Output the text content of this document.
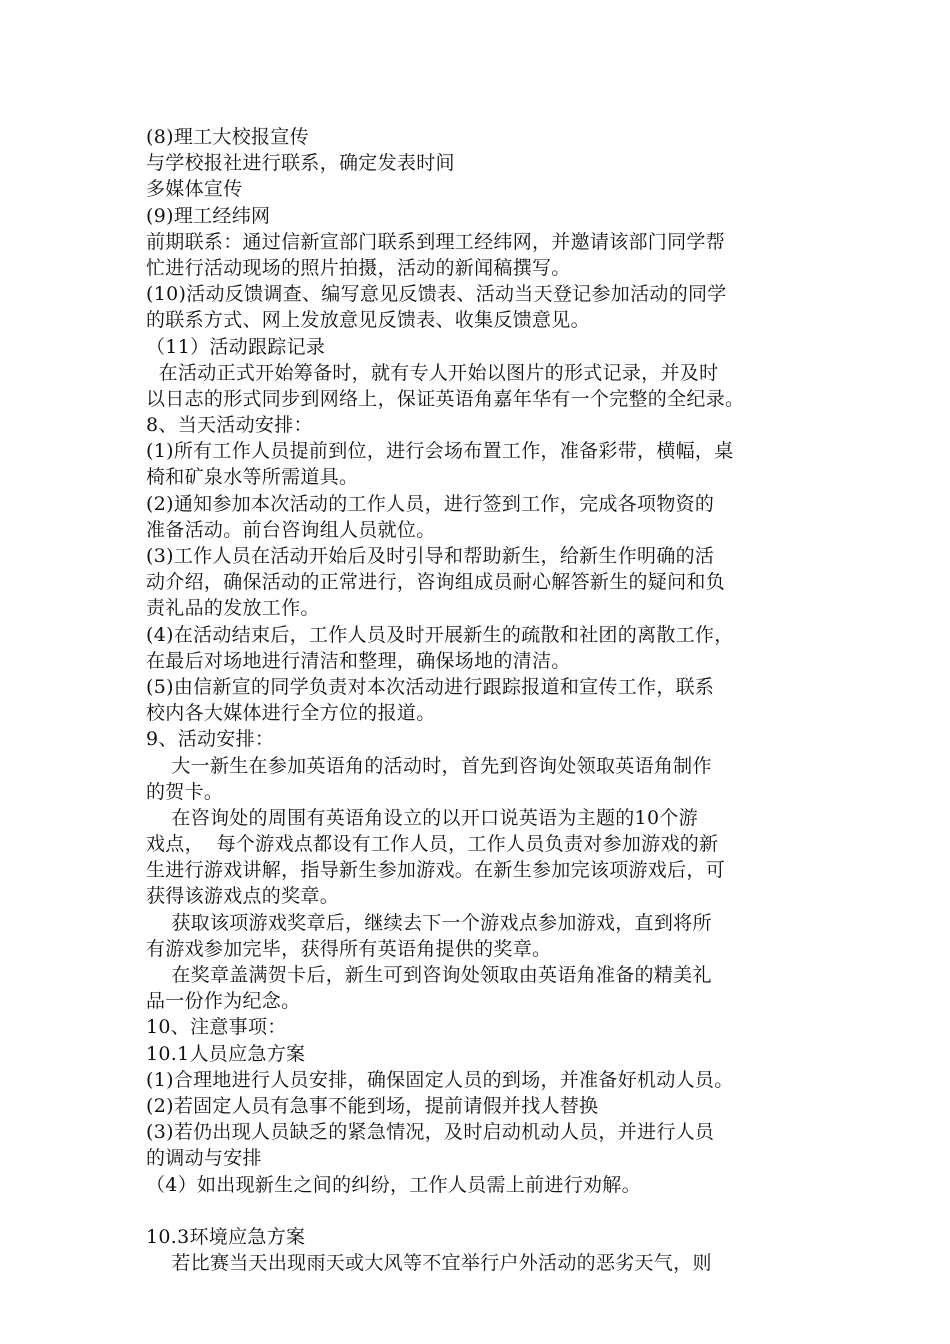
(8)理工大校报宣传
与学校报社进行联系，确定发表时间
多媒体宣传
(9)理工经纬网
前期联系：通过信新宣部门联系到理工经纬网，并邀请该部门同学帮
忙进行活动现场的照片拍摄，活动的新闻稿撰写。
(10)活动反馈调查、编写意见反馈表、活动当天登记参加活动的同学
的联系方式、网上发放意见反馈表、收集反馈意见。
（11）活动跟踪记录
在活动正式开始筹备时，就有专人开始以图片的形式记录，并及时
以日志的形式同步到网络上，保证英语角嘉年华有一个完整的全纪录。
8、当天活动安排：
(1)所有工作人员提前到位，进行会场布置工作，准备彩带，横幅，桌
椅和矿泉水等所需道具。
(2)通知参加本次活动的工作人员，进行签到工作，完成各项物资的
准备活动。前台咨询组人员就位。
(3)工作人员在活动开始后及时引导和帮助新生，给新生作明确的活
动介绍，确保活动的正常进行，咨询组成员耐心解答新生的疑问和负
责礼品的发放工作。
(4)在活动结束后，工作人员及时开展新生的疏散和社团的离散工作，
在最后对场地进行清洁和整理，确保场地的清洁。
(5)由信新宣的同学负责对本次活动进行跟踪报道和宣传工作，联系
校内各大媒体进行全方位的报道。
9、活动安排：
大一新生在参加英语角的活动时，首先到咨询处领取英语角制作
的贺卡。
在咨询处的周围有英语角设立的以开口说英语为主题的10个游
戏点，  每个游戏点都设有工作人员，工作人员负责对参加游戏的新
生进行游戏讲解，指导新生参加游戏。在新生参加完该项游戏后，可
获得该游戏点的奖章。
获取该项游戏奖章后，继续去下一个游戏点参加游戏，直到将所
有游戏参加完毕，获得所有英语角提供的奖章。
在奖章盖满贺卡后，新生可到咨询处领取由英语角准备的精美礼
品一份作为纪念。
10、注意事项：
10.1人员应急方案
(1)合理地进行人员安排，确保固定人员的到场，并准备好机动人员。
(2)若固定人员有急事不能到场，提前请假并找人替换
(3)若仍出现人员缺乏的紧急情况，及时启动机动人员，并进行人员
的调动与安排
（4）如出现新生之间的纠纷，工作人员需上前进行劝解。
10.3环境应急方案
若比赛当天出现雨天或大风等不宜举行户外活动的恶劣天气，则
